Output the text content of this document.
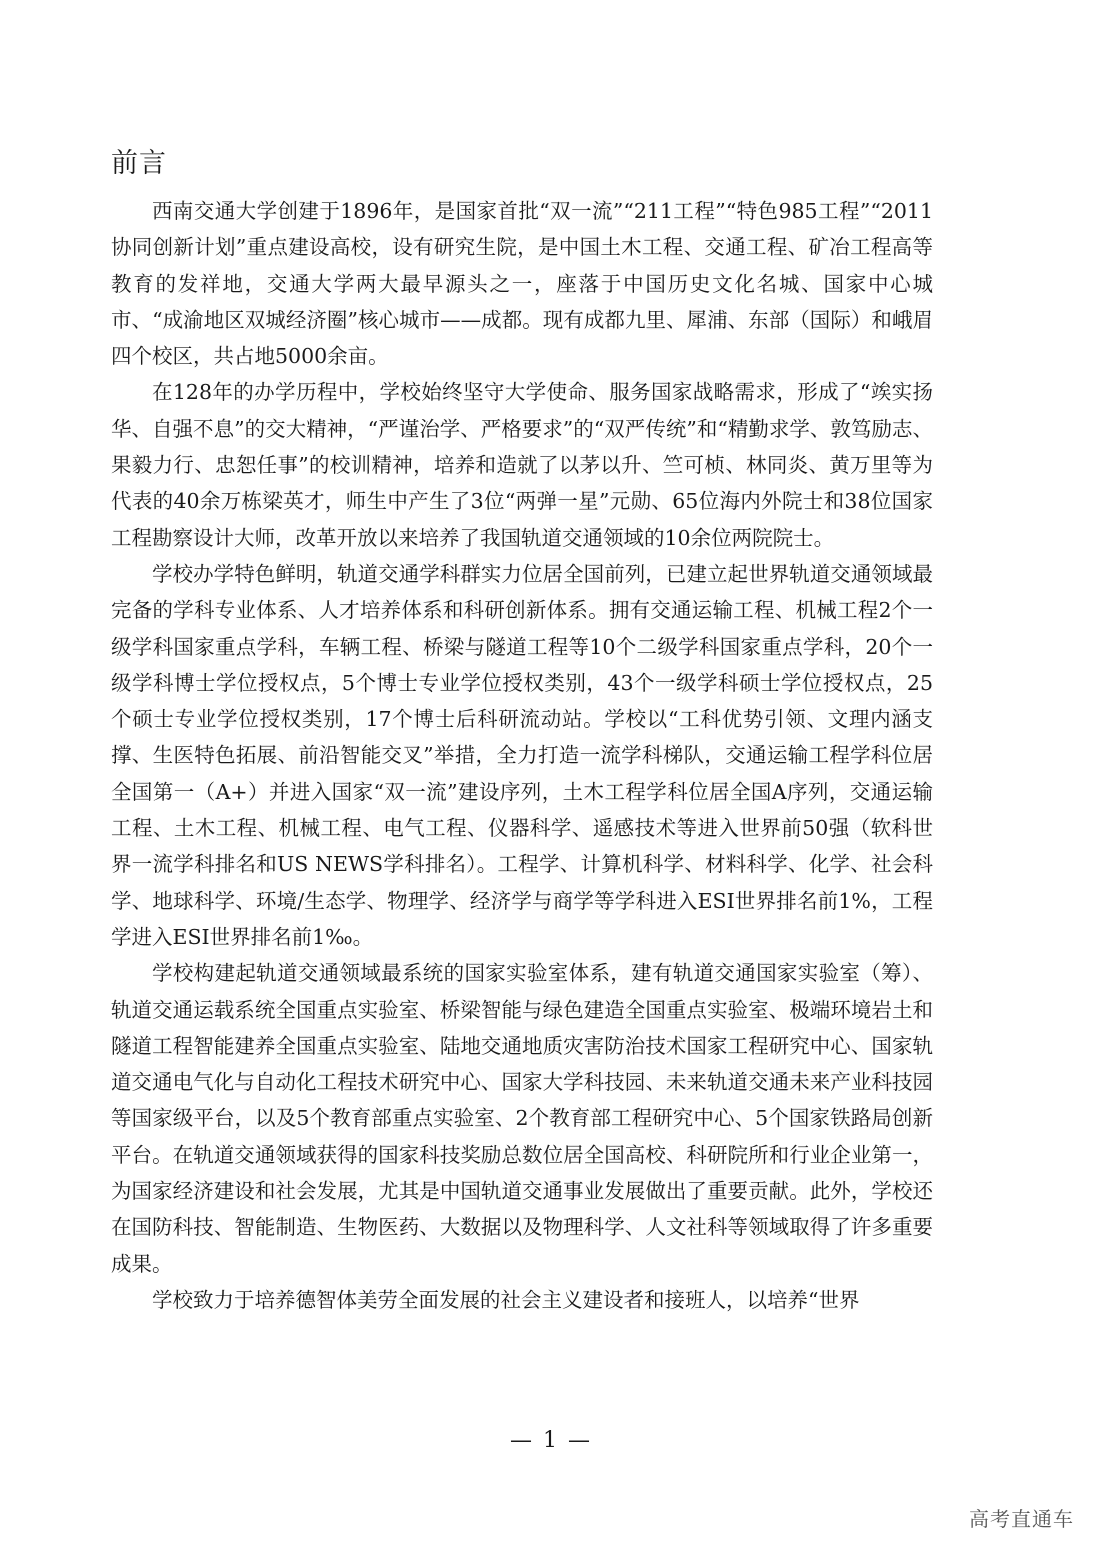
前言

西南交通大学创建于1896年，是国家首批“双一流”“211工程”“特色985工程”“2011协同创新计划”重点建设高校，设有研究生院，是中国土木工程、交通工程、矿冶工程高等教育的发祥地，交通大学两大最早源头之一，座落于中国历史文化名城、国家中心城市、“成渝地区双城经济圈”核心城市——成都。现有成都九里、犀浦、东部（国际）和峨眉四个校区，共占地5000余亩。

在128年的办学历程中，学校始终坚守大学使命、服务国家战略需求，形成了“竢实扬华、自强不息”的交大精神，“严谨治学、严格要求”的“双严传统”和“精勤求学、敦笃励志、果毅力行、忠恕任事”的校训精神，培养和造就了以茅以升、竺可桢、林同炎、黄万里等为代表的40余万栋梁英才，师生中产生了3位“两弹一星”元勋、65位海内外院士和38位国家工程勘察设计大师，改革开放以来培养了我国轨道交通领域的10余位两院院士。

学校办学特色鲜明，轨道交通学科群实力位居全国前列，已建立起世界轨道交通领域最完备的学科专业体系、人才培养体系和科研创新体系。拥有交通运输工程、机械工程2个一级学科国家重点学科，车辆工程、桥梁与隧道工程等10个二级学科国家重点学科，20个一级学科博士学位授权点，5个博士专业学位授权类别，43个一级学科硕士学位授权点，25个硕士专业学位授权类别，17个博士后科研流动站。学校以“工科优势引领、文理内涵支撑、生医特色拓展、前沿智能交叉”举措，全力打造一流学科梯队，交通运输工程学科位居全国第一（A+）并进入国家“双一流”建设序列，土木工程学科位居全国A序列，交通运输工程、土木工程、机械工程、电气工程、仪器科学、遥感技术等进入世界前50强（软科世界一流学科排名和US NEWS学科排名）。工程学、计算机科学、材料科学、化学、社会科学、地球科学、环境/生态学、物理学、经济学与商学等学科进入ESI世界排名前1%，工程学进入ESI世界排名前1‰。

学校构建起轨道交通领域最系统的国家实验室体系，建有轨道交通国家实验室（筹）、轨道交通运载系统全国重点实验室、桥梁智能与绿色建造全国重点实验室、极端环境岩土和隧道工程智能建养全国重点实验室、陆地交通地质灾害防治技术国家工程研究中心、国家轨道交通电气化与自动化工程技术研究中心、国家大学科技园、未来轨道交通未来产业科技园等国家级平台，以及5个教育部重点实验室、2个教育部工程研究中心、5个国家铁路局创新平台。在轨道交通领域获得的国家科技奖励总数位居全国高校、科研院所和行业企业第一，为国家经济建设和社会发展，尤其是中国轨道交通事业发展做出了重要贡献。此外，学校还在国防科技、智能制造、生物医药、大数据以及物理科学、人文社科等领域取得了许多重要成果。

学校致力于培养德智体美劳全面发展的社会主义建设者和接班人，以培养“世界

— 1 —
高考直通车
